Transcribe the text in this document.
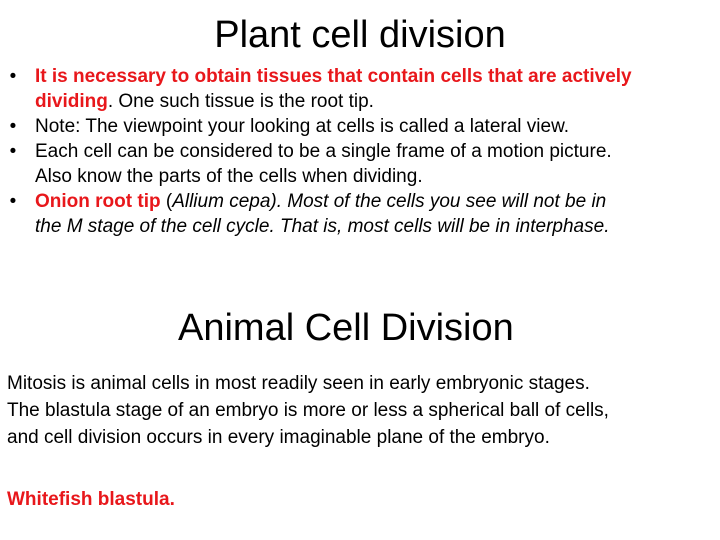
Plant cell division
• It is necessary to obtain tissues that contain cells that are actively
dividing. One such tissue is the root tip.
• Note: The viewpoint your looking at cells is called a lateral view.
• Each cell can be considered to be a single frame of a motion picture.
Also know the parts of the cells when dividing.
• Onion root tip (Allium cepa). Most of the cells you see will not be in
the M stage of the cell cycle. That is, most cells will be in interphase.
Animal Cell Division

Mitosis is animal cells in most readily seen in early embryonic stages.
The blastula stage of an embryo is more or less a spherical ball of cells,
and cell division occurs in every imaginable plane of the embryo.

Whitefish blastula.
